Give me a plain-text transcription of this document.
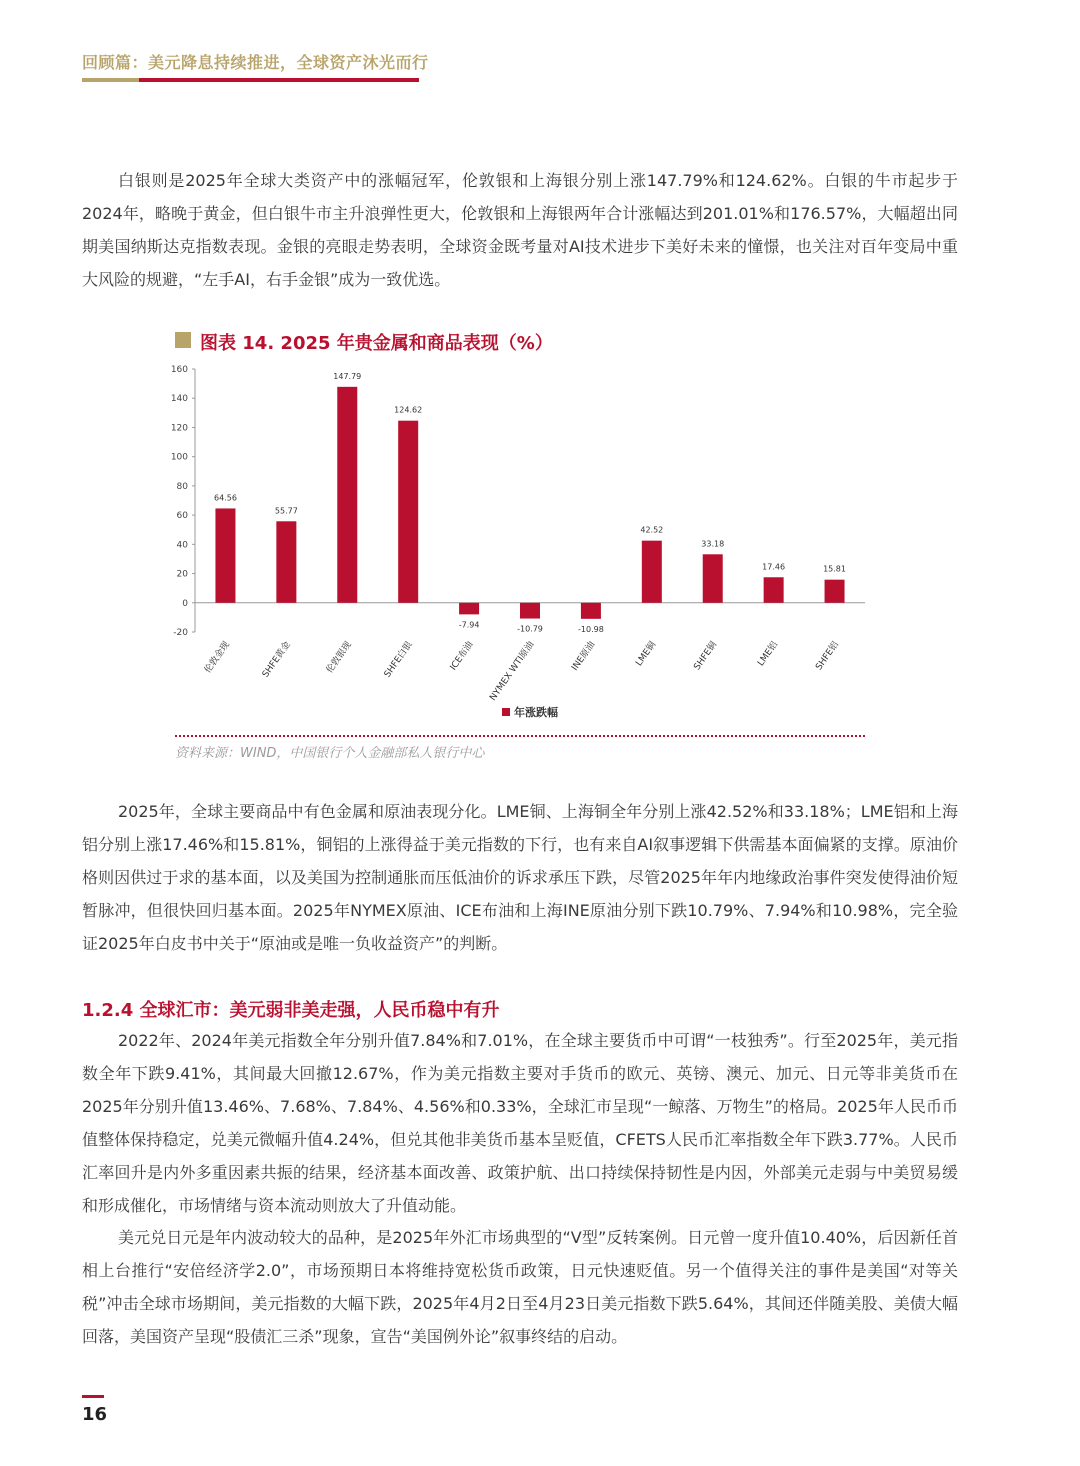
回顾篇：美元降息持续推进，全球资产沐光而行

白银则是2025年全球大类资产中的涨幅冠军，伦敦银和上海银分别上涨147.79%和124.62%。白银的牛市起步于2024年，略晚于黄金，但白银牛市主升浪弹性更大，伦敦银和上海银两年合计涨幅达到201.01%和176.57%，大幅超出同期美国纳斯达克指数表现。金银的亮眼走势表明，全球资金既考量对AI技术进步下美好未来的憧憬，也关注对百年变局中重大风险的规避，“左手AI，右手金银”成为一致优选。

图表 14. 2025 年贵金属和商品表现（%）
-20
0
20
40
60
80
100
120
140
160
64.56
伦敦金现
55.77
SHFE黄金
147.79
伦敦银现
124.62
SHFE白银
-7.94
ICE布油
-10.79
NYMEX WTI原油
-10.98
INE原油
42.52
LME铜
33.18
SHFE铜
17.46
LME铝
15.81
SHFE铝
年涨跌幅
资料来源：WIND，中国银行个人金融部私人银行中心

2025年，全球主要商品中有色金属和原油表现分化。LME铜、上海铜全年分别上涨42.52%和33.18%；LME铝和上海铝分别上涨17.46%和15.81%，铜铝的上涨得益于美元指数的下行，也有来自AI叙事逻辑下供需基本面偏紧的支撑。原油价格则因供过于求的基本面，以及美国为控制通胀而压低油价的诉求承压下跌，尽管2025年年内地缘政治事件突发使得油价短暂脉冲，但很快回归基本面。2025年NYMEX原油、ICE布油和上海INE原油分别下跌10.79%、7.94%和10.98%，完全验证2025年白皮书中关于“原油或是唯一负收益资产”的判断。

1.2.4 全球汇市：美元弱非美走强，人民币稳中有升

2022年、2024年美元指数全年分别升值7.84%和7.01%，在全球主要货币中可谓“一枝独秀”。行至2025年，美元指数全年下跌9.41%，其间最大回撤12.67%，作为美元指数主要对手货币的欧元、英镑、澳元、加元、日元等非美货币在2025年分别升值13.46%、7.68%、7.84%、4.56%和0.33%，全球汇市呈现“一鲸落、万物生”的格局。2025年人民币币值整体保持稳定，兑美元微幅升值4.24%，但兑其他非美货币基本呈贬值，CFETS人民币汇率指数全年下跌3.77%。人民币汇率回升是内外多重因素共振的结果，经济基本面改善、政策护航、出口持续保持韧性是内因，外部美元走弱与中美贸易缓和形成催化，市场情绪与资本流动则放大了升值动能。

美元兑日元是年内波动较大的品种，是2025年外汇市场典型的“V型”反转案例。日元曾一度升值10.40%，后因新任首相上台推行“安倍经济学2.0”，市场预期日本将维持宽松货币政策，日元快速贬值。另一个值得关注的事件是美国“对等关税”冲击全球市场期间，美元指数的大幅下跌，2025年4月2日至4月23日美元指数下跌5.64%，其间还伴随美股、美债大幅回落，美国资产呈现“股债汇三杀”现象，宣告“美国例外论”叙事终结的启动。

16
